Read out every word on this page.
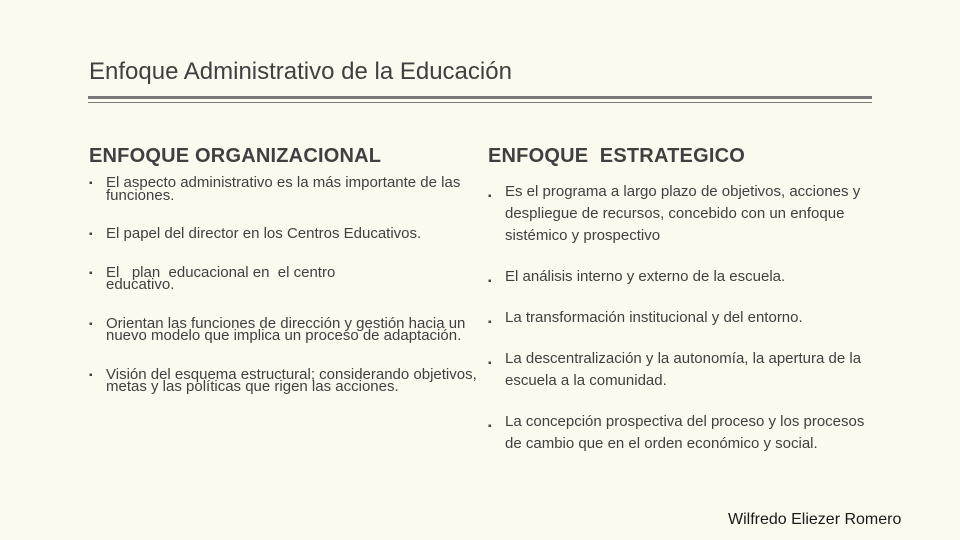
Enfoque Administrativo de la Educación
ENFOQUE ORGANIZACIONAL
▪ El aspecto administrativo es la más importante de las funciones.
▪ El papel del director en los Centros Educativos.
▪ El   plan  educacional en  el centro  educativo.
▪ Orientan las funciones de dirección y gestión hacia un nuevo modelo que implica un proceso de adaptación.
▪ Visión del esquema estructural; considerando objetivos, metas y las políticas que rigen las acciones.
ENFOQUE  ESTRATEGICO
▪ Es el programa a largo plazo de objetivos, acciones y despliegue de recursos, concebido con un enfoque sistémico y prospectivo
▪ El análisis interno y externo de la escuela.
▪ La transformación institucional y del entorno.
▪ La descentralización y la autonomía, la apertura de la escuela a la comunidad.
▪ La concepción prospectiva del proceso y los procesos de cambio que en el orden económico y social.
Wilfredo Eliezer Romero
